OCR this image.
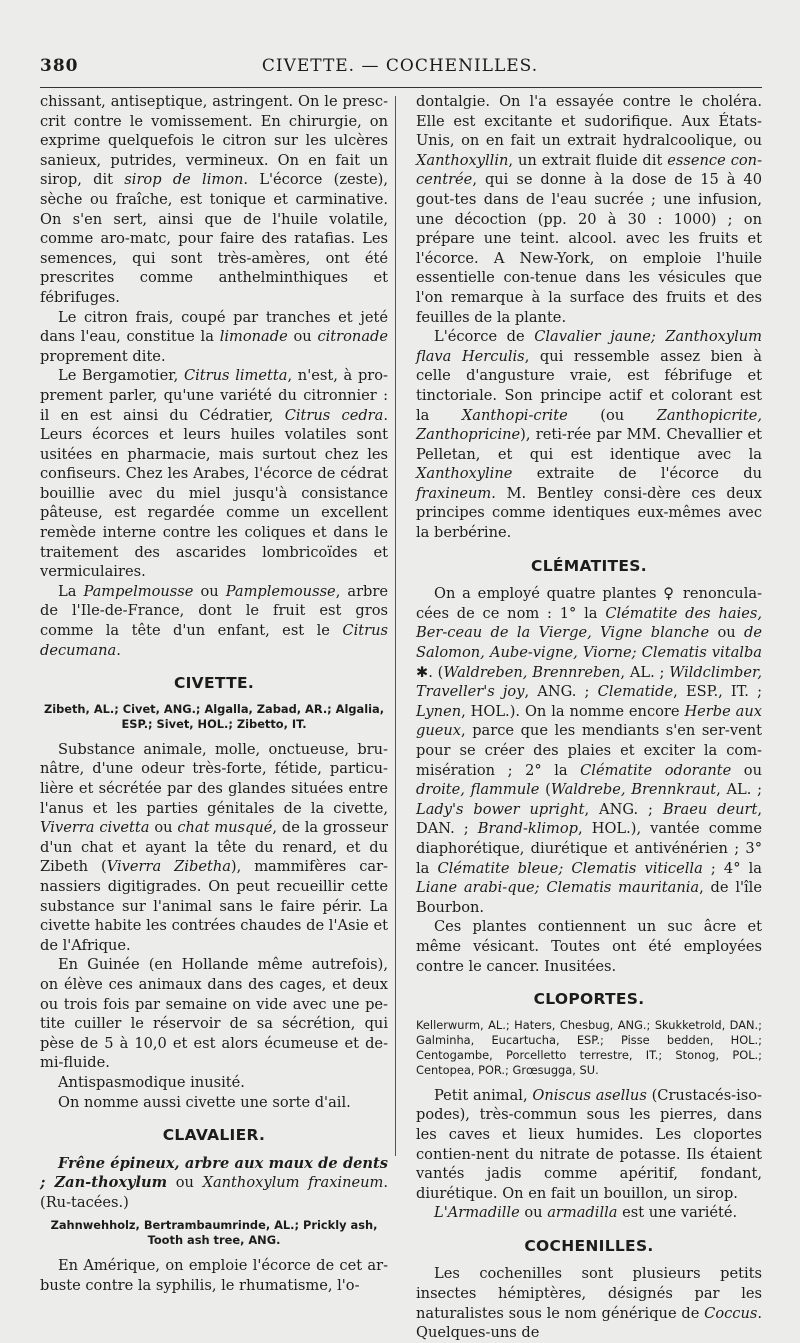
380	CIVETTE. — COCHENILLES.

chissant, antiseptique, astringent. On le presc-crit contre le vomissement. En chirurgie, on exprime quelquefois le citron sur les ulcères sanieux, putrides, vermineux. On en fait un sirop, dit sirop de limon. L'écorce (zeste), sèche ou fraîche, est tonique et carminative. On s'en sert, ainsi que de l'huile volatile, comme aro-matc, pour faire des ratafias. Les semences, qui sont très-amères, ont été prescrites comme anthelminthiques et fébrifuges.

Le citron frais, coupé par tranches et jeté dans l'eau, constitue la limonade ou citronade proprement dite.

Le Bergamotier, Citrus limetta, n'est, à pro-prement parler, qu'une variété du citronnier : il en est ainsi du Cédratier, Citrus cedra. Leurs écorces et leurs huiles volatiles sont usitées en pharmacie, mais surtout chez les confiseurs. Chez les Arabes, l'écorce de cédrat bouillie avec du miel jusqu'à consistance pâteuse, est regardée comme un excellent remède interne contre les coliques et dans le traitement des ascarides lombricoïdes et vermiculaires.

La Pampelmousse ou Pamplemousse, arbre de l'Ile-de-France, dont le fruit est gros comme la tête d'un enfant, est le Citrus decumana.

CIVETTE.
Zibeth, AL.; Civet, ANG.; Algalla, Zabad, AR.; Algalia, ESP.; Sivet, HOL.; Zibetto, IT.

Substance animale, molle, onctueuse, bru-nâtre, d'une odeur très-forte, fétide, particu-lière et sécrétée par des glandes situées entre l'anus et les parties génitales de la civette, Viverra civetta ou chat musqué, de la grosseur d'un chat et ayant la tête du renard, et du Zibeth (Viverra Zibetha), mammifères car-nassiers digitigrades. On peut recueillir cette substance sur l'animal sans le faire périr. La civette habite les contrées chaudes de l'Asie et de l'Afrique.

En Guinée (en Hollande même autrefois), on élève ces animaux dans des cages, et deux ou trois fois par semaine on vide avec une pe-tite cuiller le réservoir de sa sécrétion, qui pèse de 5 à 10,0 et est alors écumeuse et de-mi-fluide.

Antispasmodique inusité.

On nomme aussi civette une sorte d'ail.

CLAVALIER.

Frêne épineux, arbre aux maux de dents ; Zan-thoxylum ou Xanthoxylum fraxineum. (Ru-tacées.)

Zahnwehholz, Bertrambaumrinde, AL.; Prickly ash, Tooth ash tree, ANG.

En Amérique, on emploie l'écorce de cet ar-buste contre la syphilis, le rhumatisme, l'o-

dontalgie. On l'a essayée contre le choléra. Elle est excitante et sudorifique. Aux États-Unis, on en fait un extrait hydralcoolique, ou Xanthoxyllin, un extrait fluide dit essence con-centrée, qui se donne à la dose de 15 à 40 gout-tes dans de l'eau sucrée ; une infusion, une décoction (pp. 20 à 30 : 1000) ; on prépare une teint. alcool. avec les fruits et l'écorce. A New-York, on emploie l'huile essentielle con-tenue dans les vésicules que l'on remarque à la surface des fruits et des feuilles de la plante.

L'écorce de Clavalier jaune; Zanthoxylum flava Herculis, qui ressemble assez bien à celle d'angusture vraie, est fébrifuge et tinctoriale. Son principe actif et colorant est la Xanthopi-crite (ou Zanthopicrite, Zanthopricine), reti-rée par MM. Chevallier et Pelletan, et qui est identique avec la Xanthoxyline extraite de l'écorce du fraxineum. M. Bentley consi-dère ces deux principes comme identiques eux-mêmes avec la berbérine.

CLÉMATITES.

On a employé quatre plantes ♀ renoncula-cées de ce nom : 1° la Clématite des haies, Ber-ceau de la Vierge, Vigne blanche ou de Salomon, Aube-vigne, Viorne; Clematis vitalba ✱. (Waldreben, Brennreben, AL. ; Wildclimber, Traveller's joy, ANG. ; Clematide, ESP., IT. ; Lynen, HOL.). On la nomme encore Herbe aux gueux, parce que les mendiants s'en ser-vent pour se créer des plaies et exciter la com-misération ; 2° la Clématite odorante ou droite, flammule (Waldrebe, Brennkraut, AL. ; Lady's bower upright, ANG. ; Braeu deurt, DAN. ; Brand-klimop, HOL.), vantée comme diaphorétique, diurétique et antivénérien ; 3° la Clématite bleue; Clematis viticella ; 4° la Liane arabi-que; Clematis mauritania, de l'île Bourbon.

Ces plantes contiennent un suc âcre et même vésicant. Toutes ont été employées contre le cancer. Inusitées.

CLOPORTES.
Kellerwurm, AL.; Haters, Chesbug, ANG.; Skukketrold, DAN.; Galminha, Eucartucha, ESP.; Pisse bedden, HOL.; Centogambe, Porcelletto terrestre, IT.; Stonog, POL.; Centopea, POR.; Grœsugga, SU.

Petit animal, Oniscus asellus (Crustacés-iso-podes), très-commun sous les pierres, dans les caves et lieux humides. Les cloportes contien-nent du nitrate de potasse. Ils étaient vantés jadis comme apéritif, fondant, diurétique. On en fait un bouillon, un sirop.

L'Armadille ou armadilla est une variété.

COCHENILLES.

Les cochenilles sont plusieurs petits insectes hémiptères, désignés par les naturalistes sous le nom générique de Coccus. Quelques-uns de
